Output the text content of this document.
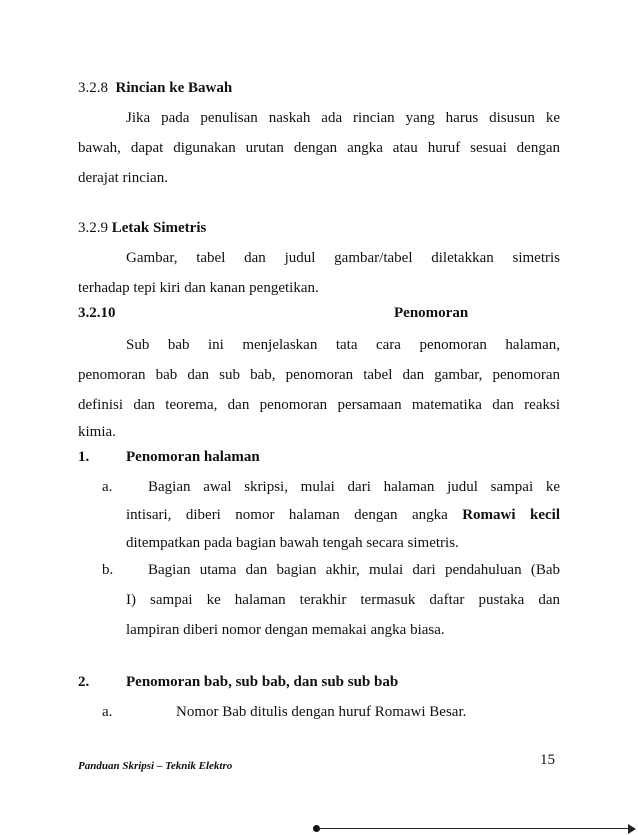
3.2.8 Rincian ke Bawah
Jika pada penulisan naskah ada rincian yang harus disusun ke
bawah, dapat digunakan urutan dengan angka atau huruf sesuai dengan
derajat rincian.
3.2.9 Letak Simetris
Gambar, tabel dan judul gambar/tabel diletakkan simetris
terhadap tepi kiri dan kanan pengetikan.
3.2.10	Penomoran
Sub bab ini menjelaskan tata cara penomoran halaman,
penomoran bab dan sub bab, penomoran tabel dan gambar, penomoran
definisi dan teorema, dan penomoran persamaan matematika dan reaksi
kimia.
1. Penomoran halaman
a. Bagian awal skripsi, mulai dari halaman judul sampai ke
intisari, diberi nomor halaman dengan angka Romawi kecil
ditempatkan pada bagian bawah tengah secara simetris.
b. Bagian utama dan bagian akhir, mulai dari pendahuluan (Bab
I) sampai ke halaman terakhir termasuk daftar pustaka dan
lampiran diberi nomor dengan memakai angka biasa.
2. Penomoran bab, sub bab, dan sub sub bab
a.	Nomor Bab ditulis dengan huruf Romawi Besar.
Panduan Skripsi – Teknik Elektro	15
